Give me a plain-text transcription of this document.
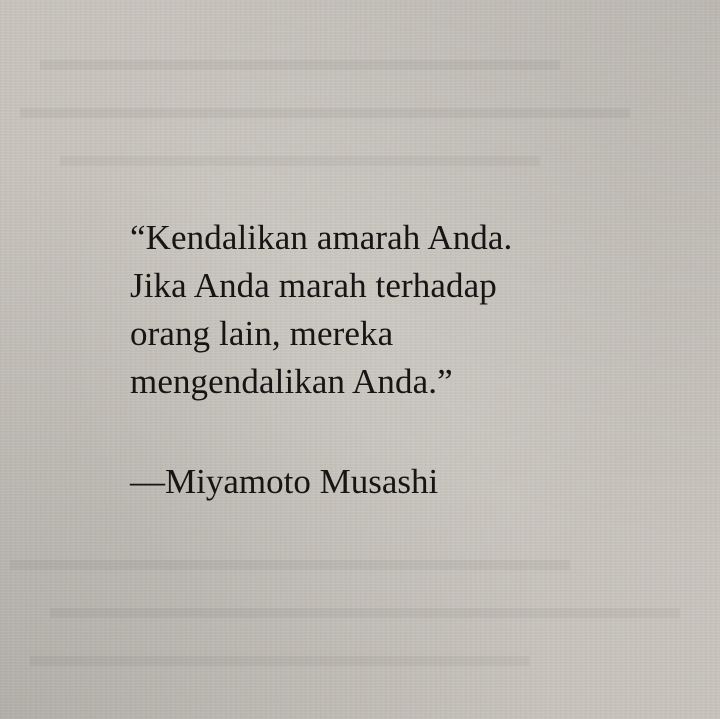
“Kendalikan amarah Anda.
Jika Anda marah terhadap
orang lain, mereka
mengendalikan Anda.”

—Miyamoto Musashi
